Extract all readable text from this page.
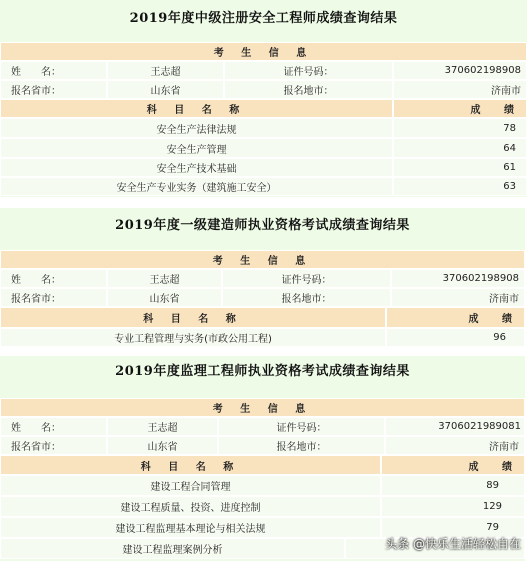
2019年度中级注册安全工程师成绩查询结果
考 生 信 息
姓　　名：	王志超	证件号码：	370602198908
报名省市：	山东省	报名地市：	济南市
科 目 名 称	成 绩
安全生产法律法规	78
安全生产管理	64
安全生产技术基础	61
安全生产专业实务（建筑施工安全）	63
2019年度一级建造师执业资格考试成绩查询结果
考 生 信 息
姓　　名：	王志超	证件号码：	370602198908
报名省市：	山东省	报名地市：	济南市
科 目 名 称	成 绩
专业工程管理与实务(市政公用工程)	96
2019年度监理工程师执业资格考试成绩查询结果
考 生 信 息
姓　　名：	王志超	证件号码：	3706021989081
报名省市：	山东省	报名地市：	济南市
科 目 名 称	成 绩
建设工程合同管理	89
建设工程质量、投资、进度控制	129
建设工程监理基本理论与相关法规	79
建设工程监理案例分析	头条 @快乐生活轻松自在
